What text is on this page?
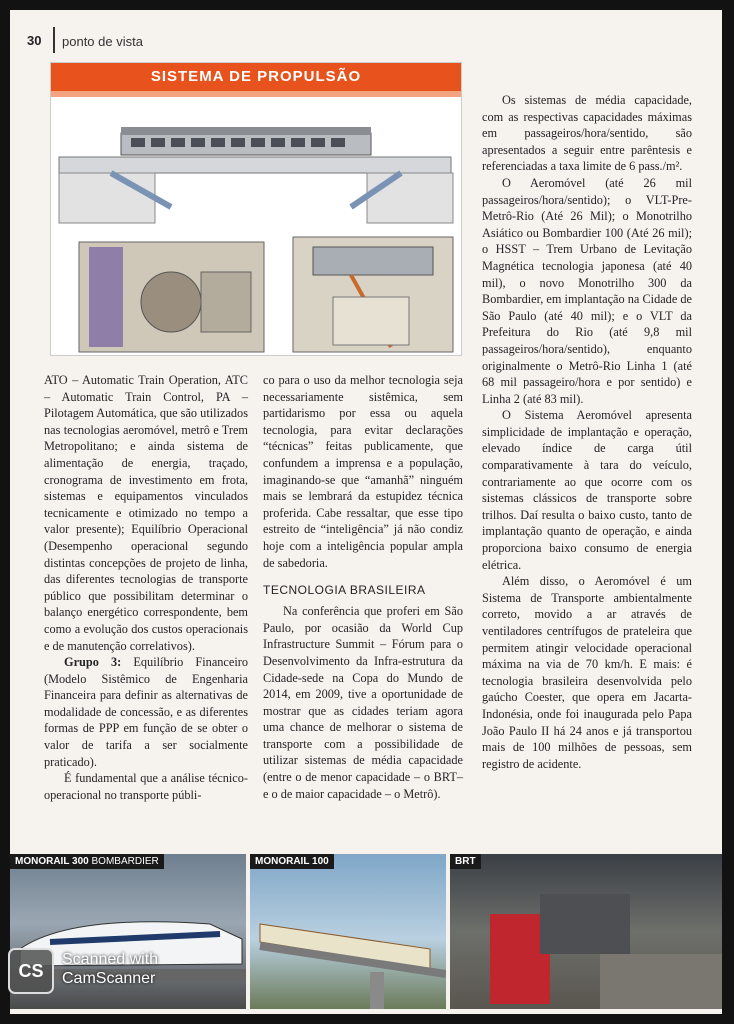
30 ponto de vista
SISTEMA DE PROPULSÃO

ATO – Automatic Train Operation, ATC – Automatic Train Control, PA – Pilotagem Automática, que são utilizados nas tecnologias aeromóvel, metrô e Trem Metropolitano; e ainda sistema de alimentação de energia, traçado, cronograma de investimento em frota, sistemas e equipamentos vinculados tecnicamente e otimizado no tempo a valor presente); Equilíbrio Operacional (Desempenho operacional segundo distintas concepções de projeto de linha, das diferentes tecnologias de transporte público que possibilitam determinar o balanço energético correspondente, bem como a evolução dos custos operacionais e de manutenção correlativos).

Grupo 3: Equilíbrio Financeiro (Modelo Sistêmico de Engenharia Financeira para definir as alternativas de modalidade de concessão, e as diferentes formas de PPP em função de se obter o valor de tarifa a ser socialmente praticado).

É fundamental que a análise técnico-operacional no transporte públi-

co para o uso da melhor tecnologia seja necessariamente sistêmica, sem partidarismo por essa ou aquela tecnologia, para evitar declarações “técnicas” feitas publicamente, que confundem a imprensa e a população, imaginando-se que “amanhã” ninguém mais se lembrará da estupidez técnica proferida. Cabe ressaltar, que esse tipo estreito de “inteligência” já não condiz hoje com a inteligência popular ampla de sabedoria.

TECNOLOGIA BRASILEIRA

Na conferência que proferi em São Paulo, por ocasião da World Cup Infrastructure Summit – Fórum para o Desenvolvimento da Infra-estrutura da Cidade-sede na Copa do Mundo de 2014, em 2009, tive a oportunidade de mostrar que as cidades teriam agora uma chance de melhorar o sistema de transporte com a possibilidade de utilizar sistemas de média capacidade (entre o de menor capacidade – o BRT– e o de maior capacidade – o Metrô).

Os sistemas de média capacidade, com as respectivas capacidades máximas em passageiros/hora/sentido, são apresentados a seguir entre parêntesis e referenciadas a taxa limite de 6 pass./m².

O Aeromóvel (até 26 mil passageiros/hora/sentido); o VLT-Pre-Metrô-Rio (Até 26 Mil); o Monotrilho Asiático ou Bombardier 100 (Até 26 mil); o HSST – Trem Urbano de Levitação Magnética tecnologia japonesa (até 40 mil), o novo Monotrilho 300 da Bombardier, em implantação na Cidade de São Paulo (até 40 mil); e o VLT da Prefeitura do Rio (até 9,8 mil passageiros/hora/sentido), enquanto originalmente o Metrô-Rio Linha 1 (até 68 mil passageiro/hora e por sentido) e Linha 2 (até 83 mil).

O Sistema Aeromóvel apresenta simplicidade de implantação e operação, elevado índice de carga útil comparativamente à tara do veículo, contrariamente ao que ocorre com os sistemas clássicos de transporte sobre trilhos. Daí resulta o baixo custo, tanto de implantação quanto de operação, e ainda proporciona baixo consumo de energia elétrica.

Além disso, o Aeromóvel é um Sistema de Transporte ambientalmente correto, movido a ar através de ventiladores centrífugos de prateleira que permitem atingir velocidade operacional máxima na via de 70 km/h. E mais: é tecnologia brasileira desenvolvida pelo gaúcho Coester, que opera em Jacarta-Indonésia, onde foi inaugurada pelo Papa João Paulo II há 24 anos e já transportou mais de 100 milhões de pessoas, sem registro de acidente.

MONORAIL 300 BOMBARDIER	MONORAIL 100	BRT
CS
Scanned with
CamScanner
